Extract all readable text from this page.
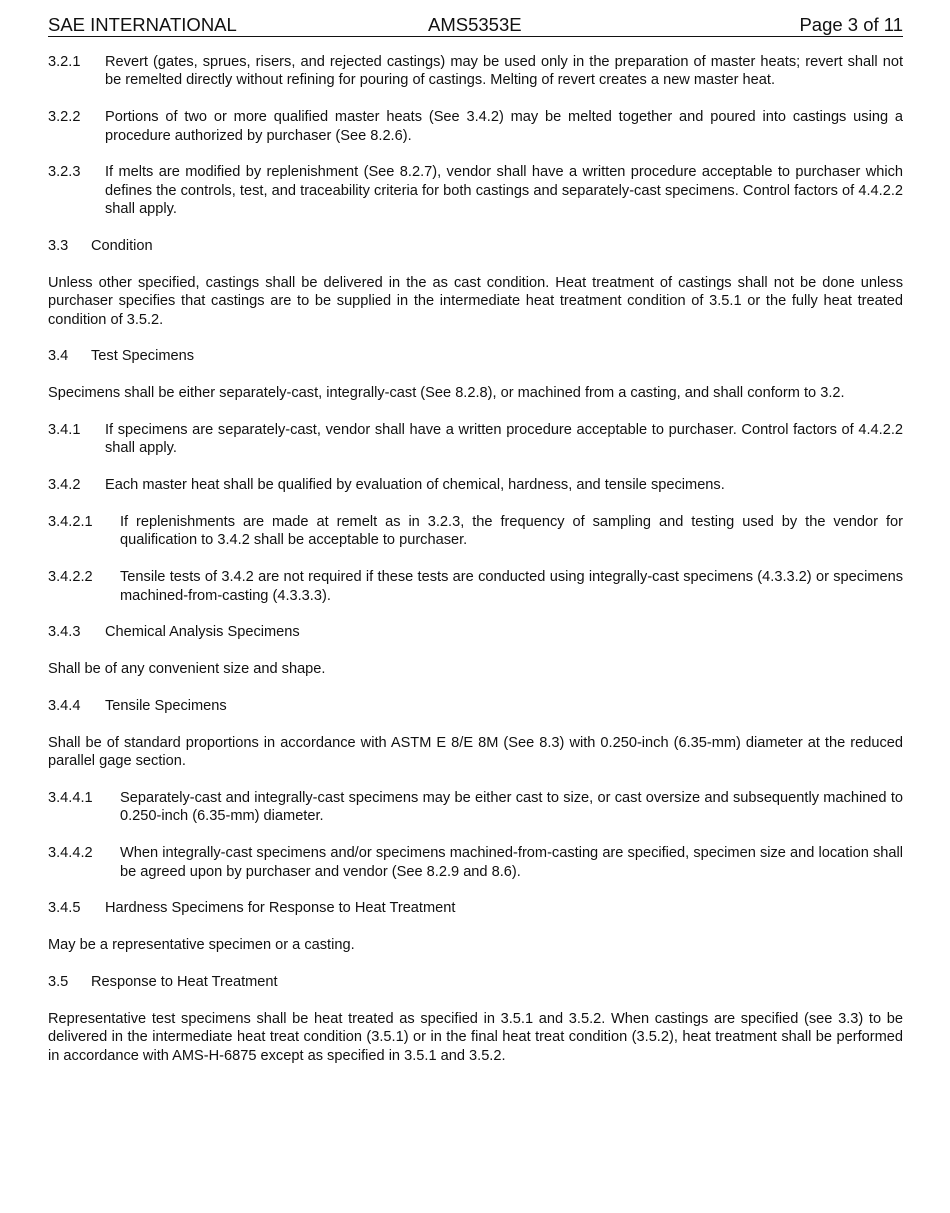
SAE INTERNATIONAL	AMS5353E	Page 3 of 11
3.2.1	Revert (gates, sprues, risers, and rejected castings) may be used only in the preparation of master heats; revert shall not be remelted directly without refining for pouring of castings. Melting of revert creates a new master heat.
3.2.2	Portions of two or more qualified master heats (See 3.4.2) may be melted together and poured into castings using a procedure authorized by purchaser (See 8.2.6).
3.2.3	If melts are modified by replenishment (See 8.2.7), vendor shall have a written procedure acceptable to purchaser which defines the controls, test, and traceability criteria for both castings and separately-cast specimens. Control factors of 4.4.2.2 shall apply.
3.3	Condition
Unless other specified, castings shall be delivered in the as cast condition. Heat treatment of castings shall not be done unless purchaser specifies that castings are to be supplied in the intermediate heat treatment condition of 3.5.1 or the fully heat treated condition of 3.5.2.
3.4	Test Specimens
Specimens shall be either separately-cast, integrally-cast (See 8.2.8), or machined from a casting, and shall conform to 3.2.
3.4.1	If specimens are separately-cast, vendor shall have a written procedure acceptable to purchaser. Control factors of 4.4.2.2 shall apply.
3.4.2	Each master heat shall be qualified by evaluation of chemical, hardness, and tensile specimens.
3.4.2.1	If replenishments are made at remelt as in 3.2.3, the frequency of sampling and testing used by the vendor for qualification to 3.4.2 shall be acceptable to purchaser.
3.4.2.2	Tensile tests of 3.4.2 are not required if these tests are conducted using integrally-cast specimens (4.3.3.2) or specimens machined-from-casting (4.3.3.3).
3.4.3	Chemical Analysis Specimens
Shall be of any convenient size and shape.
3.4.4	Tensile Specimens
Shall be of standard proportions in accordance with ASTM E 8/E 8M (See 8.3) with 0.250-inch (6.35-mm) diameter at the reduced parallel gage section.
3.4.4.1	Separately-cast and integrally-cast specimens may be either cast to size, or cast oversize and subsequently machined to 0.250-inch (6.35-mm) diameter.
3.4.4.2	When integrally-cast specimens and/or specimens machined-from-casting are specified, specimen size and location shall be agreed upon by purchaser and vendor (See 8.2.9 and 8.6).
3.4.5	Hardness Specimens for Response to Heat Treatment
May be a representative specimen or a casting.
3.5	Response to Heat Treatment
Representative test specimens shall be heat treated as specified in 3.5.1 and 3.5.2. When castings are specified (see 3.3) to be delivered in the intermediate heat treat condition (3.5.1) or in the final heat treat condition (3.5.2), heat treatment shall be performed in accordance with AMS-H-6875 except as specified in 3.5.1 and 3.5.2.
